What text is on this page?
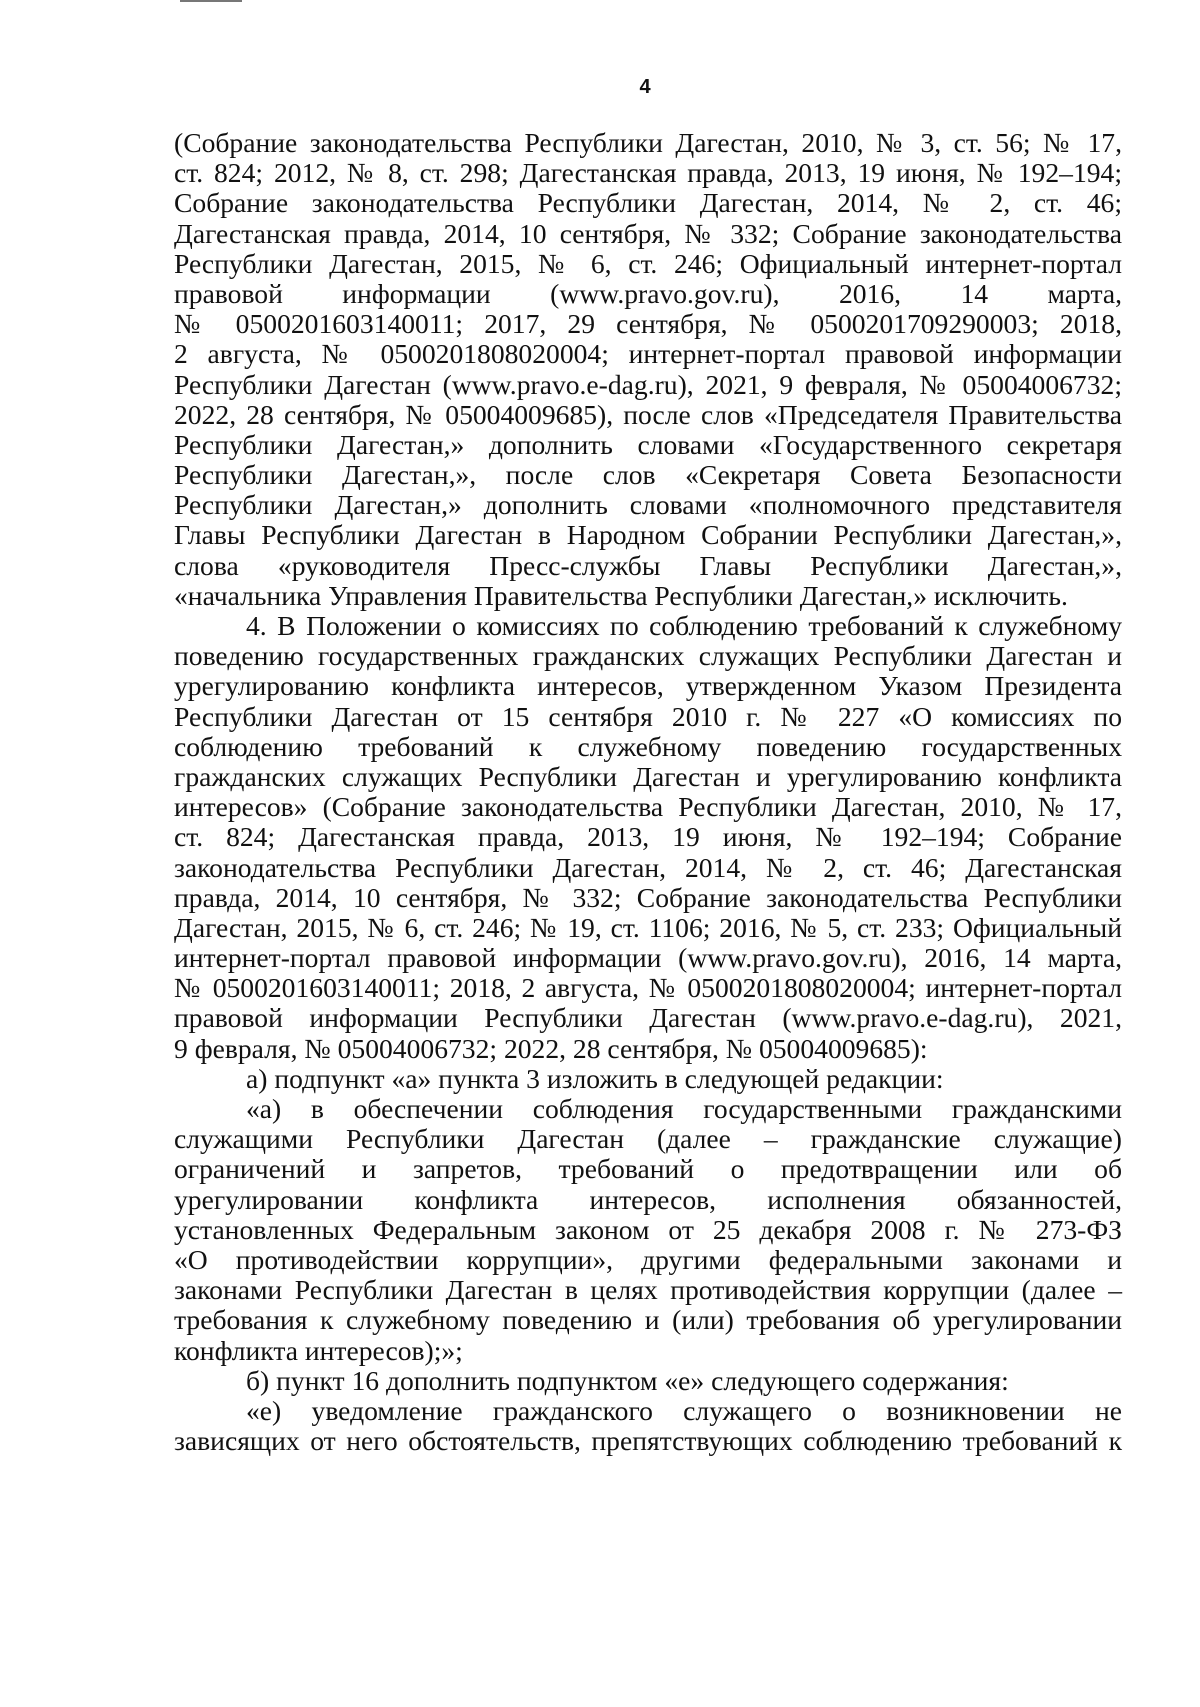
4
(Собрание законодательства Республики Дагестан, 2010, № 3, ст. 56; № 17,
ст. 824; 2012, № 8, ст. 298; Дагестанская правда, 2013, 19 июня, № 192–194;
Собрание законодательства Республики Дагестан, 2014, № 2, ст. 46;
Дагестанская правда, 2014, 10 сентября, № 332; Собрание законодательства
Республики Дагестан, 2015, № 6, ст. 246; Официальный интернет-портал
правовой информации (www.pravo.gov.ru), 2016, 14 марта,
№ 0500201603140011; 2017, 29 сентября, № 0500201709290003; 2018,
2 августа, № 0500201808020004; интернет-портал правовой информации
Республики Дагестан (www.pravo.e-dag.ru), 2021, 9 февраля, № 05004006732;
2022, 28 сентября, № 05004009685), после слов «Председателя Правительства
Республики Дагестан,» дополнить словами «Государственного секретаря
Республики Дагестан,», после слов «Секретаря Совета Безопасности
Республики Дагестан,» дополнить словами «полномочного представителя
Главы Республики Дагестан в Народном Собрании Республики Дагестан,»,
слова «руководителя Пресс-службы Главы Республики Дагестан,»,
«начальника Управления Правительства Республики Дагестан,» исключить.
4. В Положении о комиссиях по соблюдению требований к служебному
поведению государственных гражданских служащих Республики Дагестан и
урегулированию конфликта интересов, утвержденном Указом Президента
Республики Дагестан от 15 сентября 2010 г. № 227 «О комиссиях по
соблюдению требований к служебному поведению государственных
гражданских служащих Республики Дагестан и урегулированию конфликта
интересов» (Собрание законодательства Республики Дагестан, 2010, № 17,
ст. 824; Дагестанская правда, 2013, 19 июня, № 192–194; Собрание
законодательства Республики Дагестан, 2014, № 2, ст. 46; Дагестанская
правда, 2014, 10 сентября, № 332; Собрание законодательства Республики
Дагестан, 2015, № 6, ст. 246; № 19, ст. 1106; 2016, № 5, ст. 233; Официальный
интернет-портал правовой информации (www.pravo.gov.ru), 2016, 14 марта,
№ 0500201603140011; 2018, 2 августа, № 0500201808020004; интернет-портал
правовой информации Республики Дагестан (www.pravo.e-dag.ru), 2021,
9 февраля, № 05004006732; 2022, 28 сентября, № 05004009685):
а) подпункт «а» пункта 3 изложить в следующей редакции:
«а) в обеспечении соблюдения государственными гражданскими
служащими Республики Дагестан (далее – гражданские служащие)
ограничений и запретов, требований о предотвращении или об
урегулировании конфликта интересов, исполнения обязанностей,
установленных Федеральным законом от 25 декабря 2008 г. № 273-ФЗ
«О противодействии коррупции», другими федеральными законами и
законами Республики Дагестан в целях противодействия коррупции (далее –
требования к служебному поведению и (или) требования об урегулировании
конфликта интересов);»;
б) пункт 16 дополнить подпунктом «е» следующего содержания:
«е) уведомление гражданского служащего о возникновении не
зависящих от него обстоятельств, препятствующих соблюдению требований к
